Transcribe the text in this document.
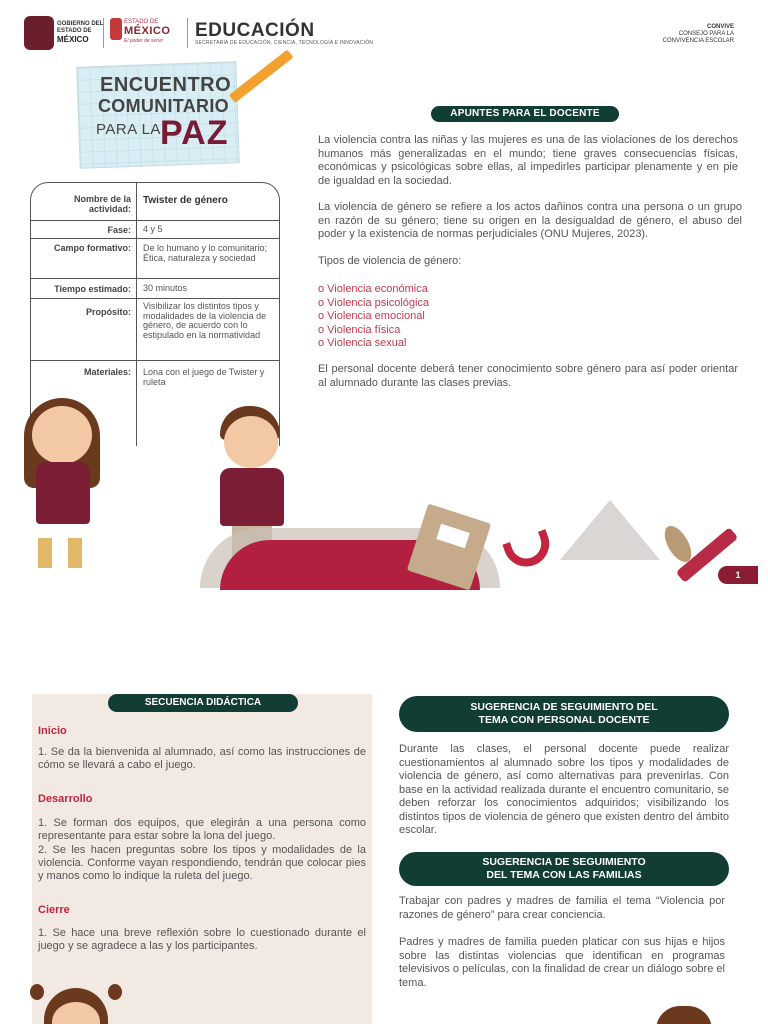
GOBIERNO DEL
ESTADO DE
MÉXICO
ESTADO DE
MÉXICO
El poder de servir	EDUCACIÓN
SECRETARÍA DE EDUCACIÓN, CIENCIA, TECNOLOGÍA E INNOVACIÓN
CONVIVE
CONSEJO PARA LA
CONVIVENCIA ESCOLAR
ENCUENTRO
COMUNITARIO
PARA LA PAZ
Nombre de la actividad:
Twister de género
Fase:	4 y 5
Campo formativo:	De lo humano y lo comunitario; Ética, naturaleza y sociedad
Tiempo estimado:	30 minutos
Propósito:
Visibilizar los distintos tipos y modalidades de la violencia de género, de acuerdo con lo estipulado en la normatividad
Materiales:	Lona con el juego de Twister y ruleta
APUNTES PARA EL DOCENTE
La violencia contra las niñas y las mujeres es una de las violaciones de los derechos humanos más generalizadas en el mundo; tiene graves consecuencias físicas, económicas y psicológicas sobre ellas, al impedirles participar plenamente y en pie de igualdad en la sociedad.
La violencia de género se refiere a los actos dañinos contra una persona o un grupo en razón de su género; tiene su origen en la desigualdad de género, el abuso del poder y la existencia de normas perjudiciales (ONU Mujeres, 2023).
Tipos de violencia de género:
o Violencia económica
o Violencia psicológica
o Violencia emocional
o Violencia física
o Violencia sexual
El personal docente deberá tener conocimiento sobre género para así poder orientar al alumnado durante las clases previas.
1
SECUENCIA DIDÁCTICA
Inicio
1. Se da la bienvenida al alumnado, así como las instrucciones de cómo se llevará a cabo el juego.
Desarrollo
1. Se forman dos equipos, que elegirán a una persona como representante para estar sobre la lona del juego.
2. Se les hacen preguntas sobre los tipos y modalidades de la violencia. Conforme vayan respondiendo, tendrán que colocar pies y manos como lo indique la ruleta del juego.
Cierre
1. Se hace una breve reflexión sobre lo cuestionado durante el juego y se agradece a las y los participantes.
SUGERENCIA DE SEGUIMIENTO DEL
TEMA CON PERSONAL DOCENTE
Durante las clases, el personal docente puede realizar cuestionamientos al alumnado sobre los tipos y modalidades de violencia de género, así como alternativas para prevenirlas. Con base en la actividad realizada durante el encuentro comunitario, se deben reforzar los conocimientos adquiridos; visibilizando los distintos tipos de violencia de género que existen dentro del ámbito escolar.
SUGERENCIA DE SEGUIMIENTO
DEL TEMA CON LAS FAMILIAS
Trabajar con padres y madres de familia el tema “Violencia por razones de género” para crear conciencia.
Padres y madres de familia pueden platicar con sus hijas e hijos sobre las distintas violencias que identifican en programas televisivos o películas, con la finalidad de crear un diálogo sobre el tema.
